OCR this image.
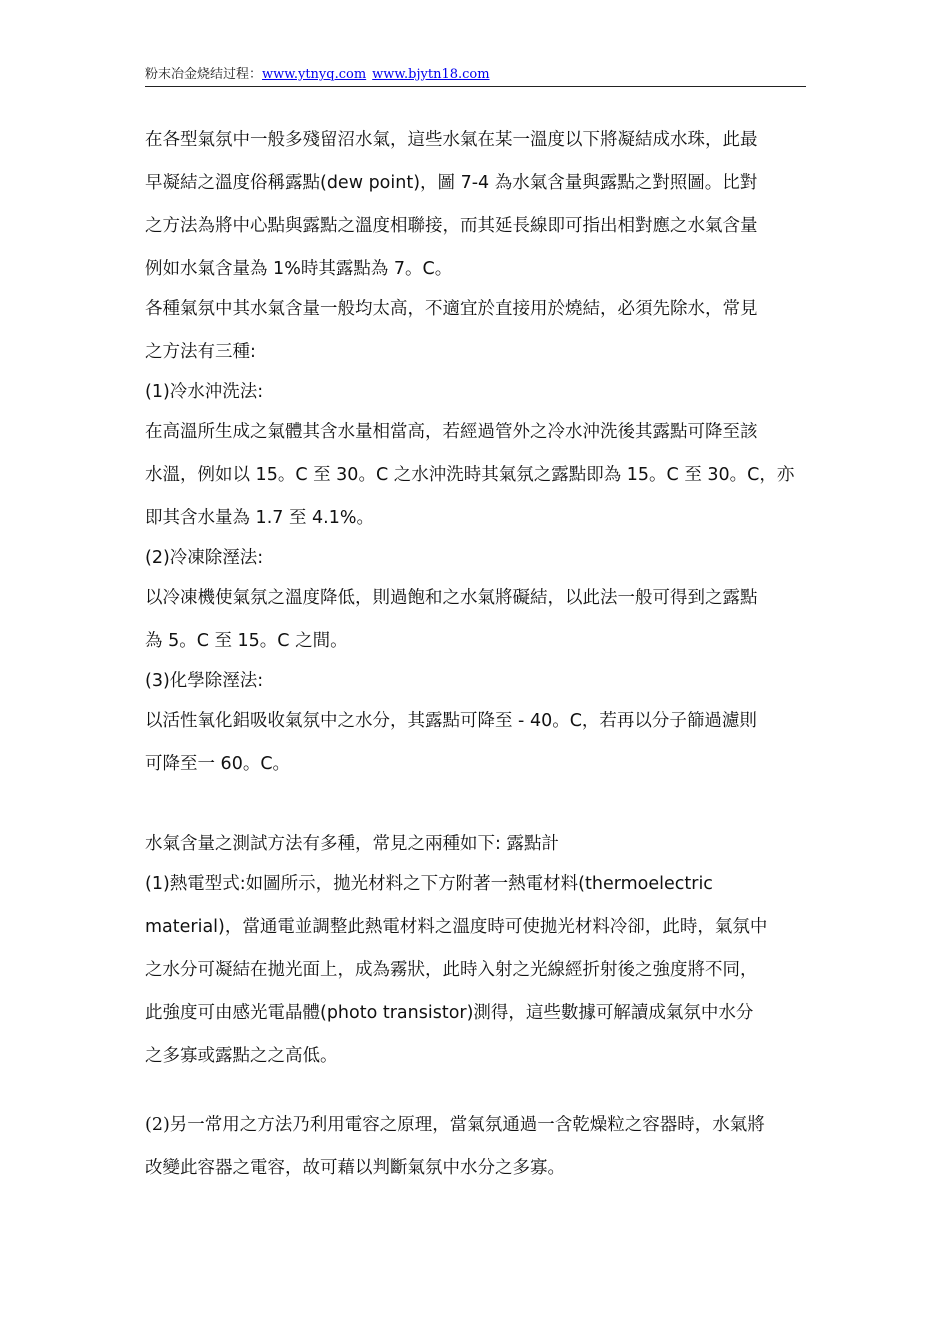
粉末冶金烧结过程：www.ytnyq.com www.bjytn18.com
在各型氣氛中一般多殘留沼水氣，這些水氣在某一溫度以下將凝結成水珠，此最
早凝結之溫度俗稱露點(dew point)，圖 7-4 為水氣含量與露點之對照圖。比對
之方法為將中心點與露點之溫度相聯接，而其延長線即可指出相對應之水氣含量
例如水氣含量為 1%時其露點為 7。C。
各種氣氛中其水氣含量一般均太高，不適宜於直接用於燒結，必須先除水，常見
之方法有三種:
(1)冷水沖洗法:
在高溫所生成之氣體其含水量相當高，若經過管外之冷水沖洗後其露點可降至該
水溫，例如以 15。C 至 30。C 之水沖洗時其氣氛之露點即為 15。C 至 30。C，亦
即其含水量為 1.7 至 4.1%。
(2)冷凍除溼法:
以冷凍機使氣氛之溫度降低，則過飽和之水氣將礙結，以此法一般可得到之露點
為 5。C 至 15。C 之間。
(3)化學除溼法:
以活性氧化鋁吸收氣氛中之水分，其露點可降至 - 40。C，若再以分子篩過濾則
可降至一 60。C。
水氣含量之測試方法有多種，常見之兩種如下: 露點計
(1)熱電型式:如圖所示，拋光材料之下方附著一熱電材料(thermoelectric
material)，當通電並調整此熱電材料之溫度時可使拋光材料冷卻，此時，氣氛中
之水分可凝結在拋光面上，成為霧狀，此時入射之光線經折射後之強度將不同，
此強度可由感光電晶體(photo transistor)測得，這些數據可解讀成氣氛中水分
之多寡或露點之之高低。
(2)另一常用之方法乃利用電容之原理，當氣氛通過一含乾燥粒之容器時，水氣將
改變此容器之電容，故可藉以判斷氣氛中水分之多寡。
